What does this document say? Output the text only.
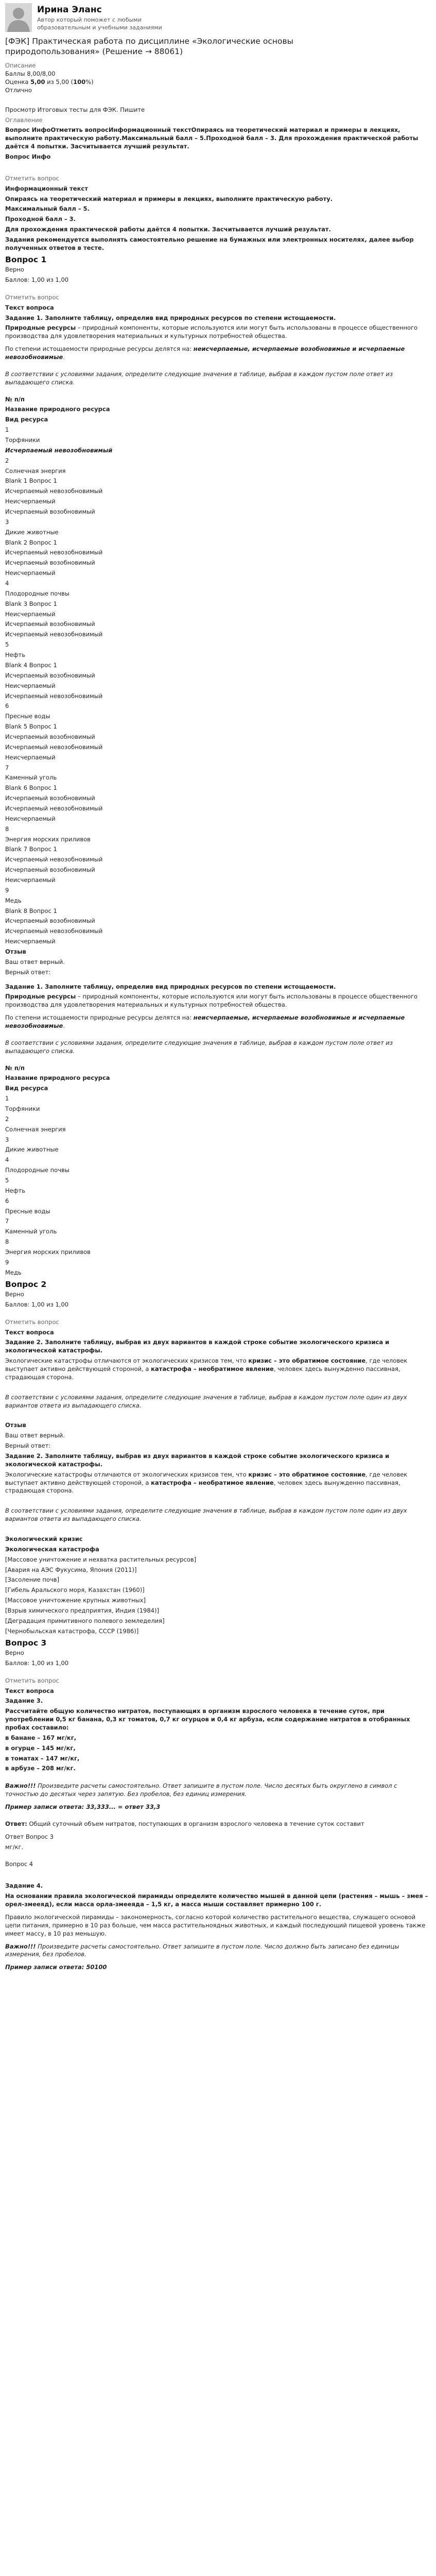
Ирина Эланс
Автор который поможет с любыми образовательным и учебными заданиями
[ФЭК] Практическая работа по дисциплине «Экологические основы природопользования» (Решение → 88061)
Описание
Баллы 8,00/8,00
Оценка 5,00 из 5,00 (100%)
Отлично
Просмотр Итоговых тесты для ФЭК. Пишите
Оглавление
Вопрос ИнфоОтметить вопросИнформационный текстОпираясь на теоретический материал и примеры в лекциях, выполните практическую работу.Максимальный балл – 5.Проходной балл – 3. Для прохождения практической работы даётся 4 попытки. Засчитывается лучший результат.
Вопрос Инфо
Отметить вопрос
Информационный текст
Опираясь на теоретический материал и примеры в лекциях, выполните практическую работу.
Максимальный балл – 5.
Проходной балл – 3.
Для прохождения практической работы даётся 4 попытки. Засчитывается лучший результат.
Задания рекомендуется выполнять самостоятельно решение на бумажных или электронных носителях, далее выбор полученных ответов в тесте.
Вопрос 1
Верно
Баллов: 1,00 из 1,00
Отметить вопрос
Текст вопроса
Задание 1. Заполните таблицу, определив вид природных ресурсов по степени истощаемости.
Природные ресурсы – природный компоненты, которые используются или могут быть использованы в процессе общественного производства для удовлетворения материальных и культурных потребностей общества.
По степени истощаемости природные ресурсы делятся на: неисчерпаемые, исчерпаемые возобновимые и исчерпаемые невозобновимые.
В соответствии с условиями задания, определите следующие значения в таблице, выбрав в каждом пустом поле ответ из выпадающего списка.
№ п/п
Название природного ресурса
Вид ресурса
1
Торфяники
Исчерпаемый невозобновимый
2
Солнечная энергия
Blank 1 Вопрос 1
Исчерпаемый невозобновимый
Неисчерпаемый
Исчерпаемый возобновимый
3
Дикие животные
Blank 2 Вопрос 1
Исчерпаемый невозобновимый
Исчерпаемый возобновимый
Неисчерпаемый
4
Плодородные почвы
Blank 3 Вопрос 1
Неисчерпаемый
Исчерпаемый возобновимый
Исчерпаемый невозобновимый
5
Нефть
Blank 4 Вопрос 1
Исчерпаемый возобновимый
Неисчерпаемый
Исчерпаемый невозобновимый
6
Пресные воды
Blank 5 Вопрос 1
Исчерпаемый возобновимый
Исчерпаемый невозобновимый
Неисчерпаемый
7
Каменный уголь
Blank 6 Вопрос 1
Исчерпаемый возобновимый
Исчерпаемый невозобновимый
Неисчерпаемый
8
Энергия морских приливов
Blank 7 Вопрос 1
Исчерпаемый невозобновимый
Исчерпаемый возобновимый
Неисчерпаемый
9
Медь
Blank 8 Вопрос 1
Исчерпаемый возобновимый
Исчерпаемый невозобновимый
Неисчерпаемый
Отзыв
Ваш ответ верный.
Верный ответ:
Задание 1. Заполните таблицу, определив вид природных ресурсов по степени истощаемости.
Природные ресурсы – природный компоненты, которые используются или могут быть использованы в процессе общественного производства для удовлетворения материальных и культурных потребностей общества.
По степени истощаемости природные ресурсы делятся на: неисчерпаемые, исчерпаемые возобновимые и исчерпаемые невозобновимые.
В соответствии с условиями задания, определите следующие значения в таблице, выбрав в каждом пустом поле ответ из выпадающего списка.
№ п/п
Название природного ресурса
Вид ресурса
1
Торфяники
2
Солнечная энергия
3
Дикие животные
4
Плодородные почвы
5
Нефть
6
Пресные воды
7
Каменный уголь
8
Энергия морских приливов
9
Медь
Вопрос 2
Верно
Баллов: 1,00 из 1,00
Отметить вопрос
Текст вопроса
Задание 2. Заполните таблицу, выбрав из двух вариантов в каждой строке событие экологического кризиса и экологической катастрофы.
Экологические катастрофы отличаются от экологических кризисов тем, что кризис – это обратимое состояние, где человек выступает активно действующей стороной, а катастрофа – необратимое явление, человек здесь вынужденно пассивная, страдающая сторона.
В соответствии с условиями задания, определите следующие значения в таблице, выбрав в каждом пустом поле один из двух вариантов ответа из выпадающего списка.
Отзыв
Ваш ответ верный.
Верный ответ:
Задание 2. Заполните таблицу, выбрав из двух вариантов в каждой строке событие экологического кризиса и экологической катастрофы.
Экологические катастрофы отличаются от экологических кризисов тем, что кризис – это обратимое состояние, где человек выступает активно действующей стороной, а катастрофа – необратимое явление, человек здесь вынужденно пассивная, страдающая сторона.
В соответствии с условиями задания, определите следующие значения в таблице, выбрав в каждом пустом поле один из двух вариантов ответа из выпадающего списка.
Экологический кризис
Экологическая катастрофа
[Массовое уничтожение и нехватка растительных ресурсов]
[Авария на АЭС Фукусима, Япония (2011)]
[Засоление почв]
[Гибель Аральского моря, Казахстан (1960)]
[Массовое уничтожение крупных животных]
[Взрыв химического предприятия, Индия (1984)]
[Деградация примитивного полевого земледелия]
[Чернобыльская катастрофа, СССР (1986)]
Вопрос 3
Верно
Баллов: 1,00 из 1,00
Отметить вопрос
Текст вопроса
Задание 3.
Рассчитайте общую количество нитратов, поступающих в организм взрослого человека в течение суток, при употреблении 0,5 кг банана, 0,3 кг томатов, 0,7 кг огурцов и 0,4 кг арбуза, если содержание нитратов в отобранных пробах составило:
в банане – 167 мг/кг,
в огурце – 145 мг/кг,
в томатах – 147 мг/кг,
в арбузе – 208 мг/кг.
Важно!!! Произведите расчеты самостоятельно. Ответ запишите в пустом поле. Число десятых быть округлено в символ с точностью до десятых через запятую. Без пробелов, без единиц измерения.
Пример записи ответа: 33,333... = ответ 33,3
Ответ: Общий суточный объем нитратов, поступающих в организм взрослого человека в течение суток составит
Ответ Вопрос 3
мг/кг.
Вопрос 4
Задание 4.
На основании правила экологической пирамиды определите количество мышей в данной цепи (растения – мышь – змея – орел-змееяд), если масса орла-змееяда – 1,5 кг, а масса мыши составляет примерно 100 г.
Правило экологической пирамиды – закономерность, согласно которой количество растительного вещества, служащего основой цепи питания, примерно в 10 раз больше, чем масса растительноядных животных, и каждый последующий пищевой уровень также имеет массу, в 10 раз меньшую.
Важно!!! Произведите расчеты самостоятельно. Ответ запишите в пустом поле. Число должно быть записано без единицы измерения, без пробелов.
Пример записи ответа: 50100
